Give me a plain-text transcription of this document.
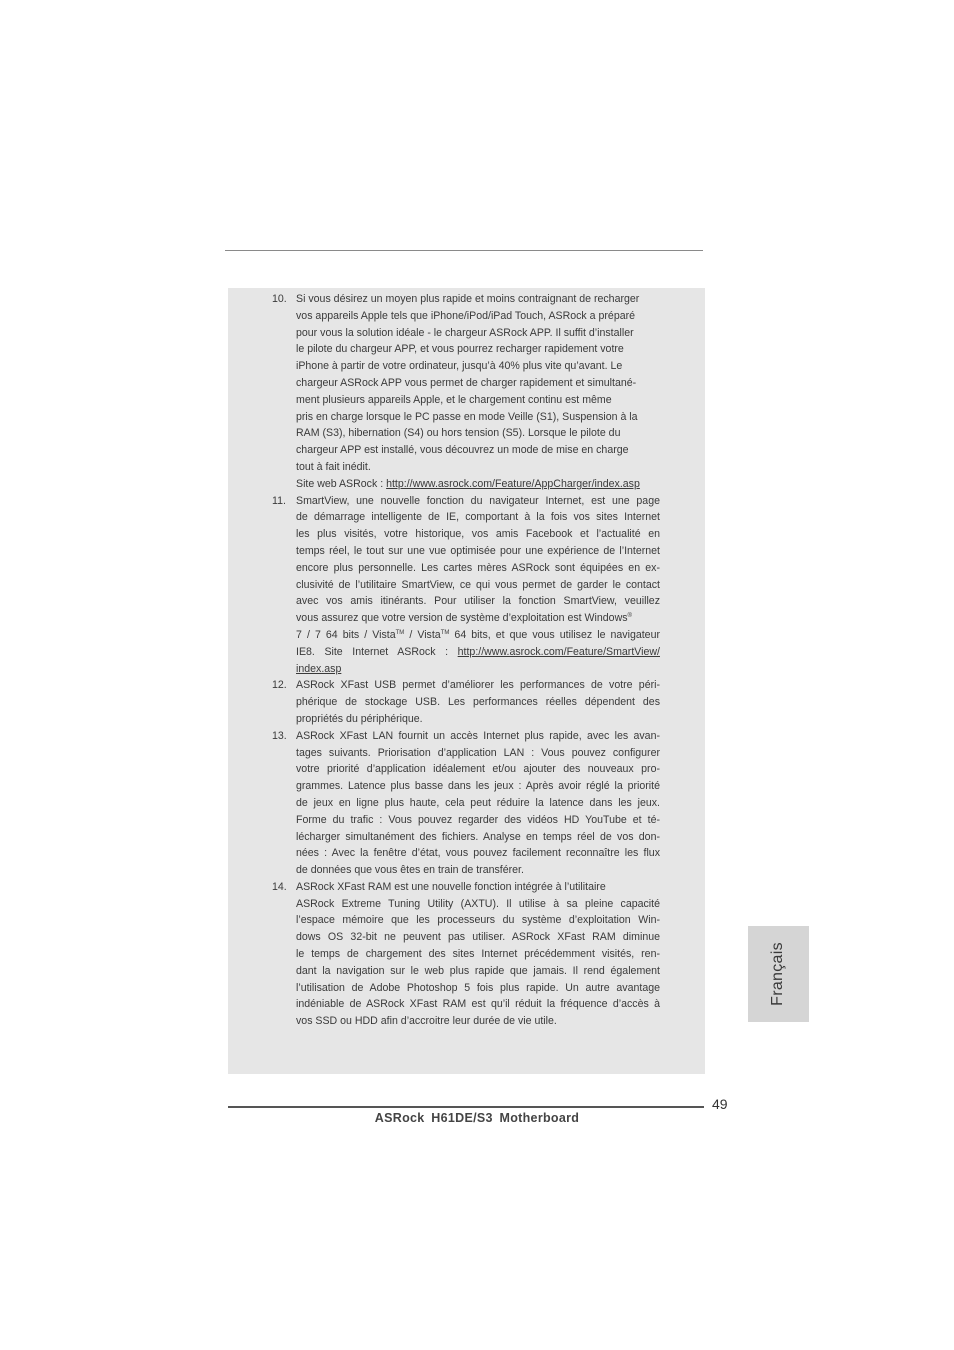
10. Si vous désirez un moyen plus rapide et moins contraignant de recharger
vos appareils Apple tels que iPhone/iPod/iPad Touch, ASRock a préparé
pour vous la solution idéale - le chargeur ASRock APP. Il suffit d’installer
le pilote du chargeur APP, et vous pourrez recharger rapidement votre
iPhone à partir de votre ordinateur, jusqu’à 40% plus vite qu’avant. Le
chargeur ASRock APP vous permet de charger rapidement et simultané-
ment plusieurs appareils Apple, et le chargement continu est même
pris en charge lorsque le PC passe en mode Veille (S1), Suspension à la
RAM (S3), hibernation (S4) ou hors tension (S5). Lorsque le pilote du
chargeur APP est installé, vous découvrez un mode de mise en charge
tout à fait inédit.
Site web ASRock : http://www.asrock.com/Feature/AppCharger/index.asp
11. SmartView, une nouvelle fonction du navigateur Internet, est une page
de démarrage intelligente de IE, comportant à la fois vos sites Internet
les plus visités, votre historique, vos amis Facebook et l’actualité en
temps réel, le tout sur une vue optimisée pour une expérience de l’Internet
encore plus personnelle. Les cartes mères ASRock sont équipées en ex-
clusivité de l’utilitaire SmartView, ce qui vous permet de garder le contact
avec vos amis itinérants. Pour utiliser la fonction SmartView, veuillez
vous assurez que votre version de système d’exploitation est Windows®
7 / 7 64 bits / Vista™ / Vista™ 64 bits, et que vous utilisez le navigateur
IE8. Site Internet ASRock : http://www.asrock.com/Feature/SmartView/
index.asp
12. ASRock XFast USB permet d’améliorer les performances de votre péri-
phérique de stockage USB. Les performances réelles dépendent des
propriétés du périphérique.
13. ASRock XFast LAN fournit un accès Internet plus rapide, avec les avan-
tages suivants. Priorisation d’application LAN : Vous pouvez configurer
votre priorité d’application idéalement et/ou ajouter des nouveaux pro-
grammes. Latence plus basse dans les jeux : Après avoir réglé la priorité
de jeux en ligne plus haute, cela peut réduire la latence dans les jeux.
Forme du trafic : Vous pouvez regarder des vidéos HD YouTube et té-
lécharger simultanément des fichiers. Analyse en temps réel de vos don-
nées : Avec la fenêtre d’état, vous pouvez facilement reconnaître les flux
de données que vous êtes en train de transférer.
14. ASRock XFast RAM est une nouvelle fonction intégrée à l’utilitaire
ASRock Extreme Tuning Utility (AXTU). Il utilise à sa pleine capacité
l’espace mémoire que les processeurs du système d’exploitation Win-
dows OS 32-bit ne peuvent pas utiliser. ASRock XFast RAM diminue
le temps de chargement des sites Internet précédemment visités, ren-
dant la navigation sur le web plus rapide que jamais. Il rend également
l’utilisation de Adobe Photoshop 5 fois plus rapide. Un autre avantage
indéniable de ASRock XFast RAM est qu’il réduit la fréquence d’accès à
vos SSD ou HDD afin d’accroitre leur durée de vie utile.
Français
49
ASRock H61DE/S3 Motherboard
